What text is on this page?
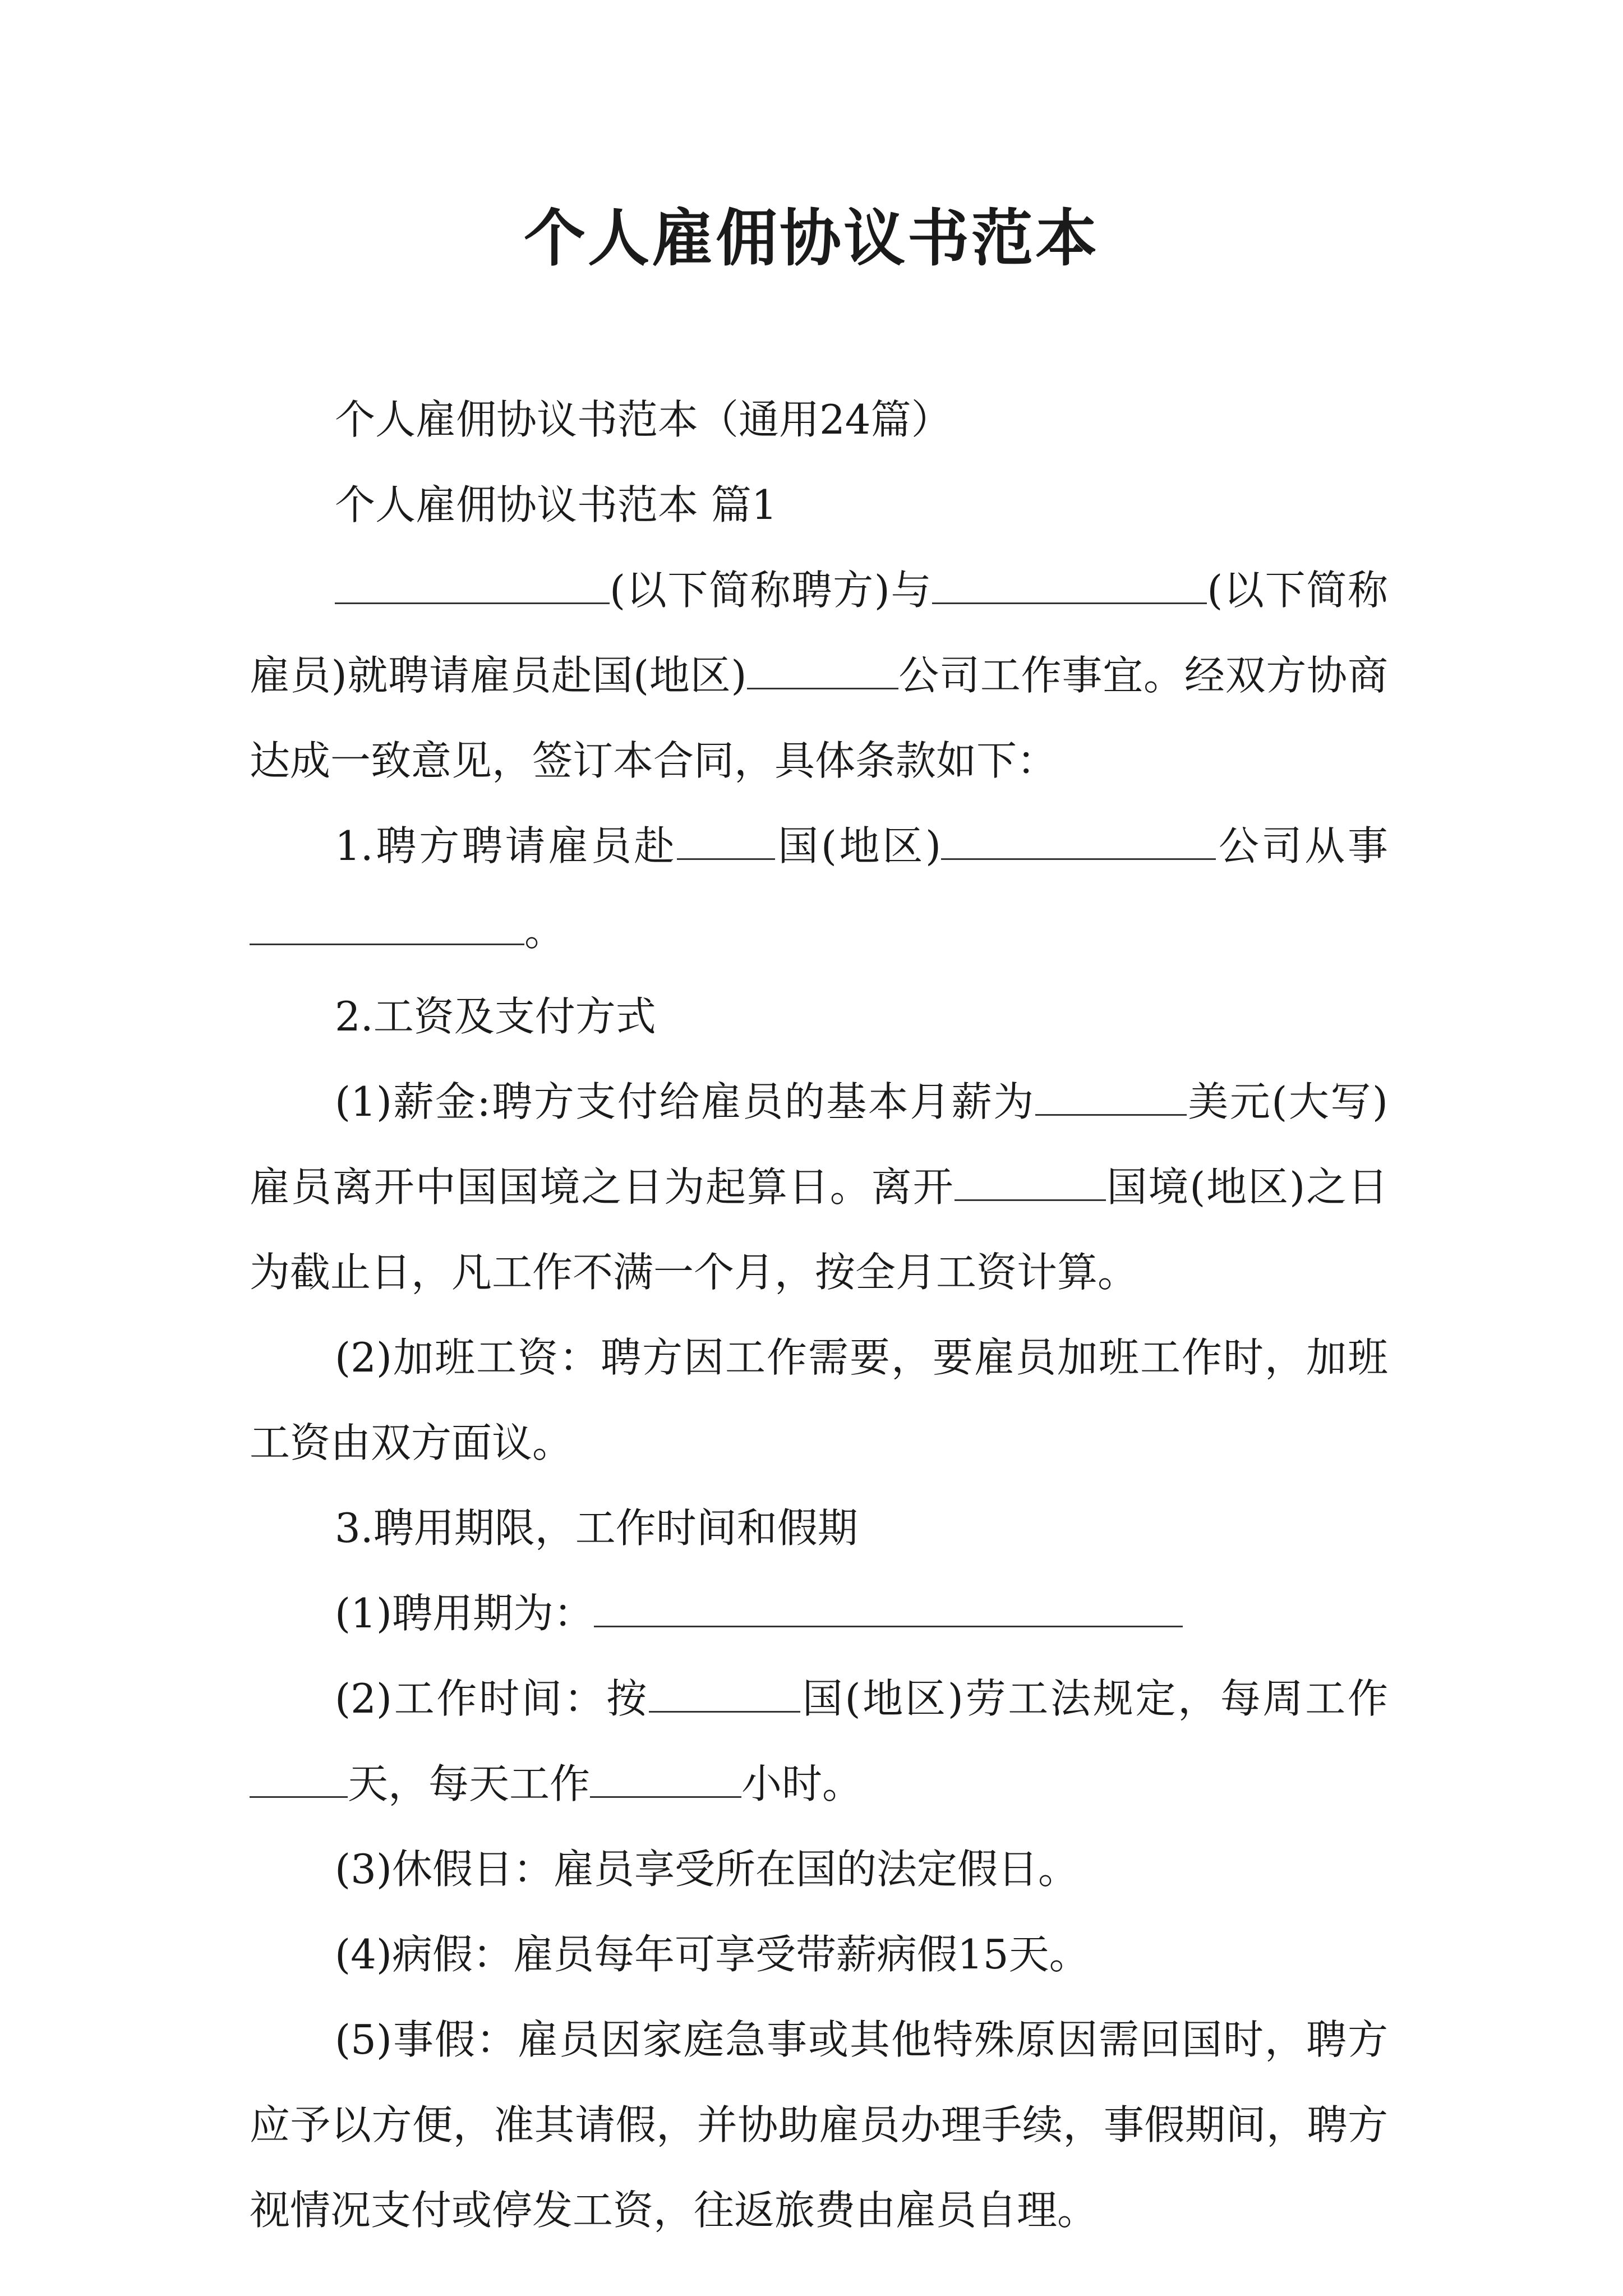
个人雇佣协议书范本

个人雇佣协议书范本（通用24篇）

个人雇佣协议书范本 篇1

(以下简称聘方)与	(以下简称雇员)就聘请雇员赴国(地区)	公司工作事宜。经双方协商达成一致意见，签订本合同，具体条款如下：

1.聘方聘请雇员赴 国(地区)	公司从事。

2.工资及支付方式

(1)薪金:聘方支付给雇员的基本月薪为	美元(大写)雇员离开中国国境之日为起算日。离开	国境(地区)之日为截止日，凡工作不满一个月，按全月工资计算。

(2)加班工资：聘方因工作需要，要雇员加班工作时，加班工资由双方面议。

3.聘用期限，工作时间和假期

(1)聘用期为：

(2)工作时间：按	国(地区)劳工法规定，每周工作天，每天工作	小时。

(3)休假日：雇员享受所在国的法定假日。

(4)病假：雇员每年可享受带薪病假15天。

(5)事假：雇员因家庭急事或其他特殊原因需回国时，聘方应予以方便，准其请假，并协助雇员办理手续，事假期间，聘方视情况支付或停发工资，往返旅费由雇员自理。
